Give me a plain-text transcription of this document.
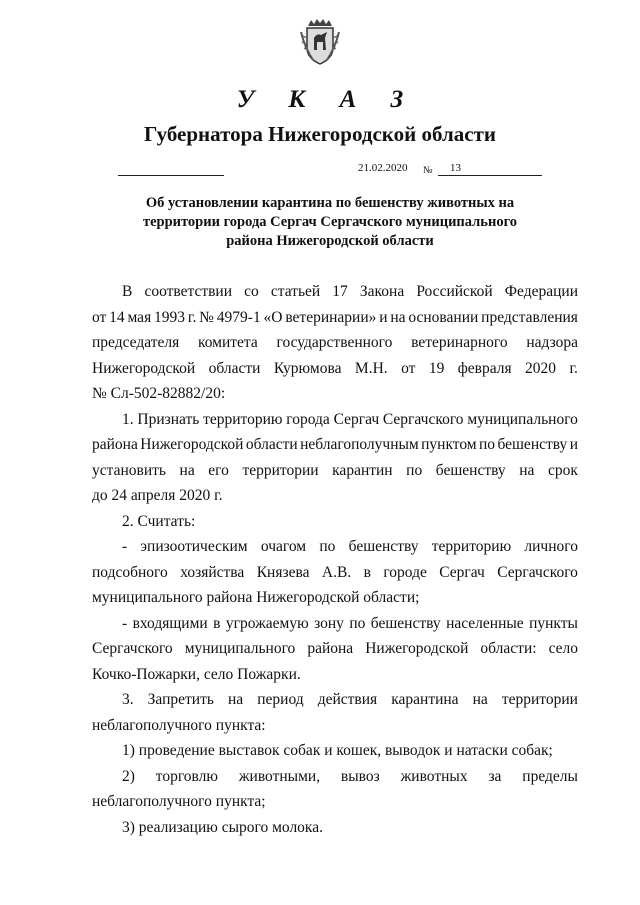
У К А З
Губернатора Нижегородской области
21.02.2020 № 13
Об установлении карантина по бешенству животных на
территории города Сергач Сергачского муниципального
района Нижегородской области

В соответствии со статьей 17 Закона Российской Федерации
от 14 мая 1993 г. № 4979-1 «О ветеринарии» и на основании представления
председателя комитета государственного ветеринарного надзора
Нижегородской области Курюмова М.Н. от 19 февраля 2020 г.
№ Сл-502-82882/20:

1. Признать территорию города Сергач Сергачского муниципального
района Нижегородской области неблагополучным пунктом по бешенству и
установить на его территории карантин по бешенству на срок
до 24 апреля 2020 г.

2. Считать:

- эпизоотическим очагом по бешенству территорию личного
подсобного хозяйства Князева А.В. в городе Сергач Сергачского
муниципального района Нижегородской области;

- входящими в угрожаемую зону по бешенству населенные пункты
Сергачского муниципального района Нижегородской области: село
Кочко-Пожарки, село Пожарки.

3. Запретить на период действия карантина на территории
неблагополучного пункта:

1) проведение выставок собак и кошек, выводок и натаски собак;

2) торговлю животными, вывоз животных за пределы
неблагополучного пункта;

3) реализацию сырого молока.
